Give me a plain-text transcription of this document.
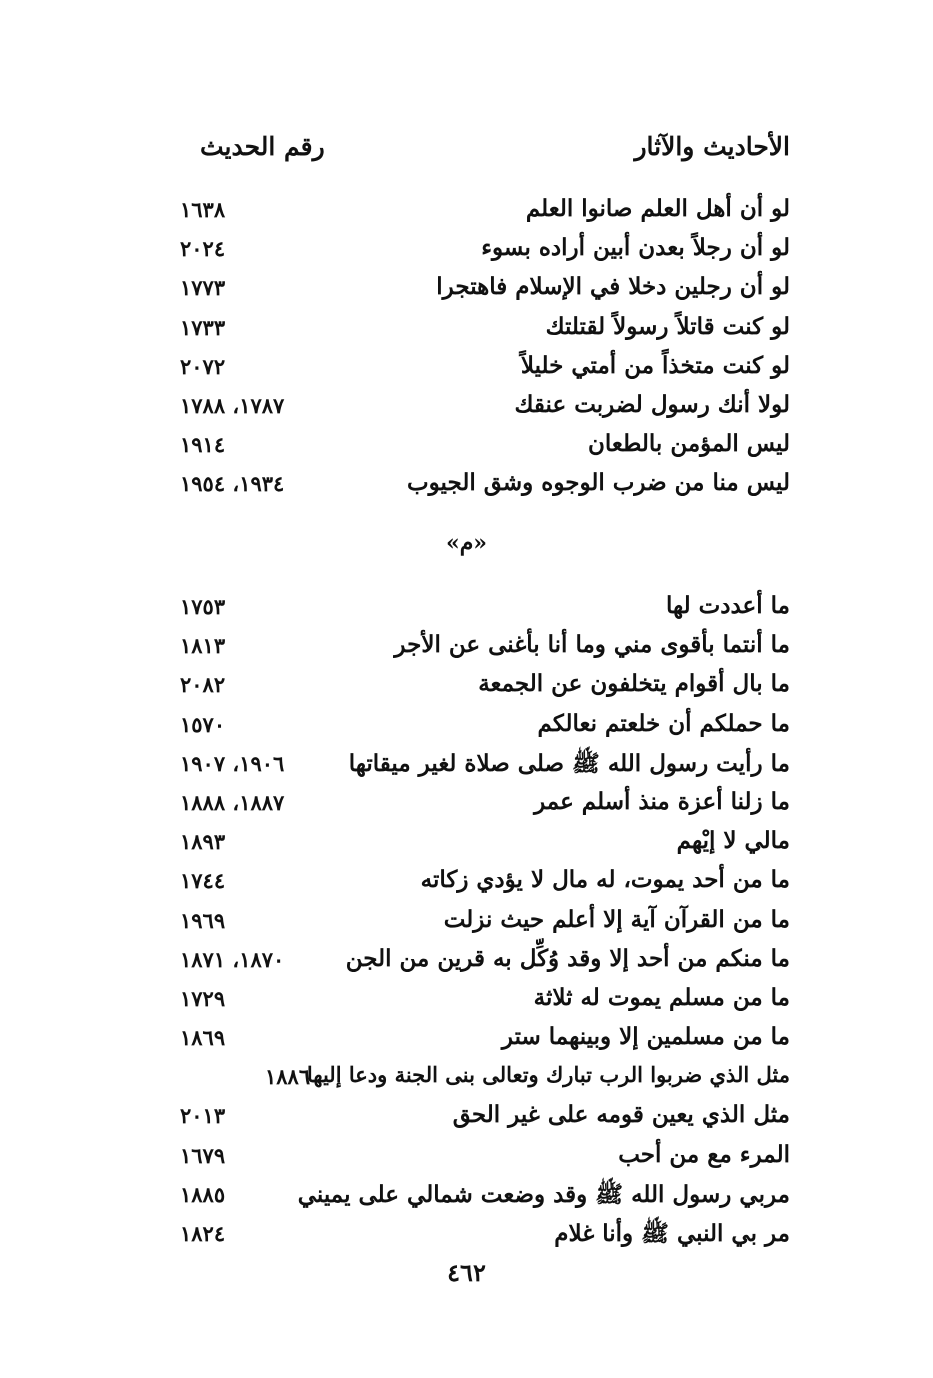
الأحاديث والآثار
رقم الحديث
لو أن أهل العلم صانوا العلم
١٦٣٨
لو أن رجلاً بعدن أبين أراده بسوء
٢٠٢٤
لو أن رجلين دخلا في الإسلام فاهتجرا
١٧٧٣
لو كنت قاتلاً رسولاً لقتلتك
١٧٣٣
لو كنت متخذاً من أمتي خليلاً
٢٠٧٢
لولا أنك رسول لضربت عنقك
١٧٨٧، ١٧٨٨
ليس المؤمن بالطعان
١٩١٤
ليس منا من ضرب الوجوه وشق الجيوب
١٩٣٤، ١٩٥٤
«م»
ما أعددت لها
١٧٥٣
ما أنتما بأقوى مني وما أنا بأغنى عن الأجر
١٨١٣
ما بال أقوام يتخلفون عن الجمعة
٢٠٨٢
ما حملكم أن خلعتم نعالكم
١٥٧٠
ما رأيت رسول الله ﷺ صلى صلاة لغير ميقاتها
١٩٠٦، ١٩٠٧
ما زلنا أعزة منذ أسلم عمر
١٨٨٧، ١٨٨٨
مالي لا إيْهم
١٨٩٣
ما من أحد يموت، له مال لا يؤدي زكاته
١٧٤٤
ما من القرآن آية إلا أعلم حيث نزلت
١٩٦٩
ما منكم من أحد إلا وقد وُكِّل به قرين من الجن
١٨٧٠، ١٨٧١
ما من مسلم يموت له ثلاثة
١٧٢٩
ما من مسلمين إلا وبينهما ستر
١٨٦٩
مثل الذي ضربوا الرب تبارك وتعالى بنى الجنة ودعا إليها
١٨٨٦
مثل الذي يعين قومه على غير الحق
٢٠١٣
المرء مع من أحب
١٦٧٩
مربي رسول الله ﷺ وقد وضعت شمالي على يميني
١٨٨٥
مر بي النبي ﷺ وأنا غلام
١٨٢٤
٤٦٢
